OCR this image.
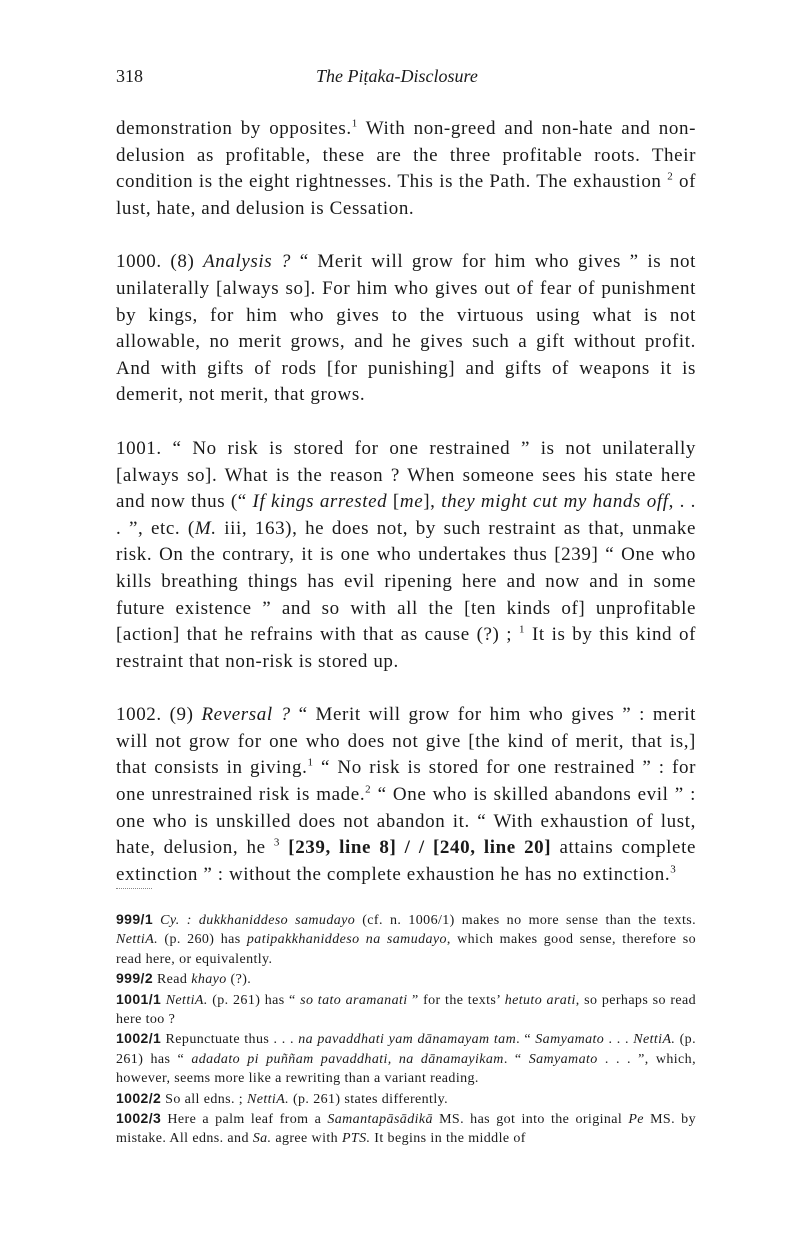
318	The Piṭaka-Disclosure

demonstration by opposites.$^1$ With non-greed and non-hate and non-delusion as profitable, these are the three profitable roots. Their condition is the eight rightnesses. This is the Path. The exhaustion $^2$ of lust, hate, and delusion is Cessation.

1000. (8) Analysis ? “ Merit will grow for him who gives ” is not unilaterally [always so]. For him who gives out of fear of punishment by kings, for him who gives to the virtuous using what is not allowable, no merit grows, and he gives such a gift without profit. And with gifts of rods [for punishing] and gifts of weapons it is demerit, not merit, that grows.

1001. “ No risk is stored for one restrained ” is not unilaterally [always so]. What is the reason ? When someone sees his state here and now thus (“ If kings arrested [me], they might cut my hands off, . . . ”, etc. (M. iii, 163), he does not, by such restraint as that, unmake risk. On the contrary, it is one who undertakes thus [239] “ One who kills breathing things has evil ripening here and now and in some future existence ” and so with all the [ten kinds of] unprofitable [action] that he refrains with that as cause (?) ; $^1$ It is by this kind of restraint that non-risk is stored up.

1002. (9) Reversal ? “ Merit will grow for him who gives ” : merit will not grow for one who does not give [the kind of merit, that is,] that consists in giving.$^1$ “ No risk is stored for one restrained ” : for one unrestrained risk is made.$^2$ “ One who is skilled abandons evil ” : one who is unskilled does not abandon it. “ With exhaustion of lust, hate, delusion, he $^3$ [239, line 8] / / [240, line 20] attains complete extinction ” : without the complete exhaustion he has no extinction.$^3$

999/1 Cy. : dukkhaniddeso samudayo (cf. n. 1006/1) makes no more sense than the texts. NettiA. (p. 260) has patipakkhaniddeso na samudayo, which makes good sense, therefore so read here, or equivalently.

999/2 Read khayo (?).

1001/1 NettiA. (p. 261) has “ so tato aramanati ” for the texts’ hetuto arati, so perhaps so read here too ?

1002/1 Repunctuate thus . . . na pavaddhati yam dānamayam tam. “ Samyamato . . . NettiA. (p. 261) has “ adadato pi puññam pavaddhati, na dānamayikam. “ Samyamato . . . ”, which, however, seems more like a rewriting than a variant reading.

1002/2 So all edns. ; NettiA. (p. 261) states differently.

1002/3 Here a palm leaf from a Samantapāsādikā MS. has got into the original Pe MS. by mistake. All edns. and Sa. agree with PTS. It begins in the middle of
